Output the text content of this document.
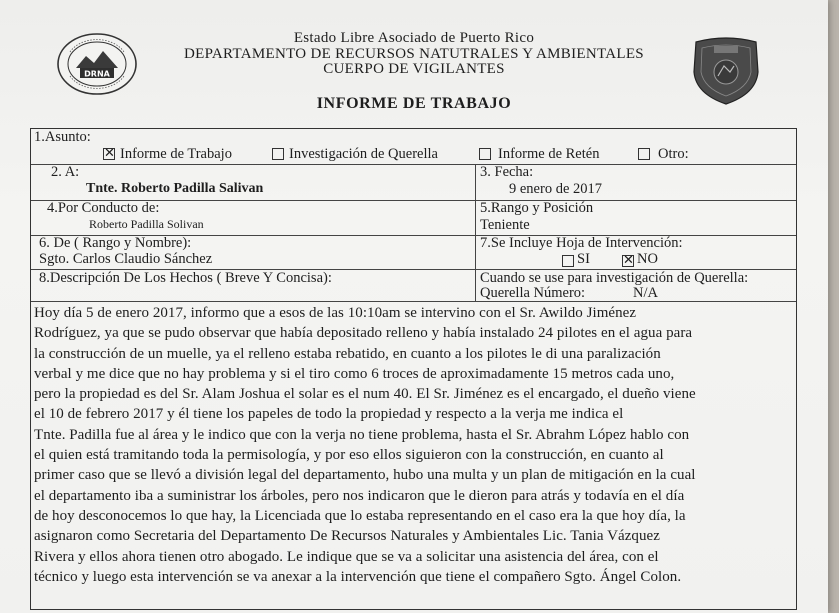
DRNA
Estado Libre Asociado de Puerto Rico
DEPARTAMENTO DE RECURSOS NATUTRALES Y AMBIENTALES
CUERPO DE VIGILANTES
INFORME DE TRABAJO
1.Asunto:
✕ Informe de Trabajo	Investigación de Querella	Informe de Retén	Otro:
2. A:
Tnte. Roberto Padilla Salivan
3. Fecha:
9 enero de 2017
4.Por Conducto de:
Roberto Padilla Solivan
5.Rango y Posición
Teniente
6. De ( Rango y Nombre):
Sgto. Carlos Claudio Sánchez
7.Se Incluye Hoja de Intervención:
SI	✕ NO
8.Descripción De Los Hechos ( Breve Y Concisa):	Cuando se use para investigación de Querella:
Querella Número:	N/A
Hoy día 5 de enero 2017, informo que a esos de las 10:10am se intervino con el Sr. Awildo Jiménez
Rodríguez, ya que se pudo observar que había depositado relleno y había instalado 24 pilotes en el agua para
la construcción de un muelle, ya el relleno estaba rebatido, en cuanto a los pilotes le di una paralización
verbal y me dice que no hay problema y si el tiro como 6 troces de aproximadamente 15 metros cada uno,
pero la propiedad es del Sr. Alam Joshua el solar es el num 40. El Sr. Jiménez es el encargado, el dueño viene
el 10 de febrero 2017 y él tiene los papeles de todo la propiedad y respecto a la verja me indica el
Tnte. Padilla fue al área y le indico que con la verja no tiene problema, hasta el Sr. Abrahm López hablo con
el quien está tramitando toda la permisología, y por eso ellos siguieron con la construcción, en cuanto al
primer caso que se llevó a división legal del departamento, hubo una multa y un plan de mitigación en la cual
el departamento iba a suministrar los árboles, pero nos indicaron que le dieron para atrás y todavía en el día
de hoy desconocemos lo que hay, la Licenciada que lo estaba representando en el caso era la que hoy día, la
asignaron como Secretaria del Departamento De Recursos Naturales y Ambientales Lic. Tania Vázquez
Rivera y ellos ahora tienen otro abogado. Le indique que se va a solicitar una asistencia del área, con el
técnico y luego esta intervención se va anexar a la intervención que tiene el compañero Sgto. Ángel Colon.
